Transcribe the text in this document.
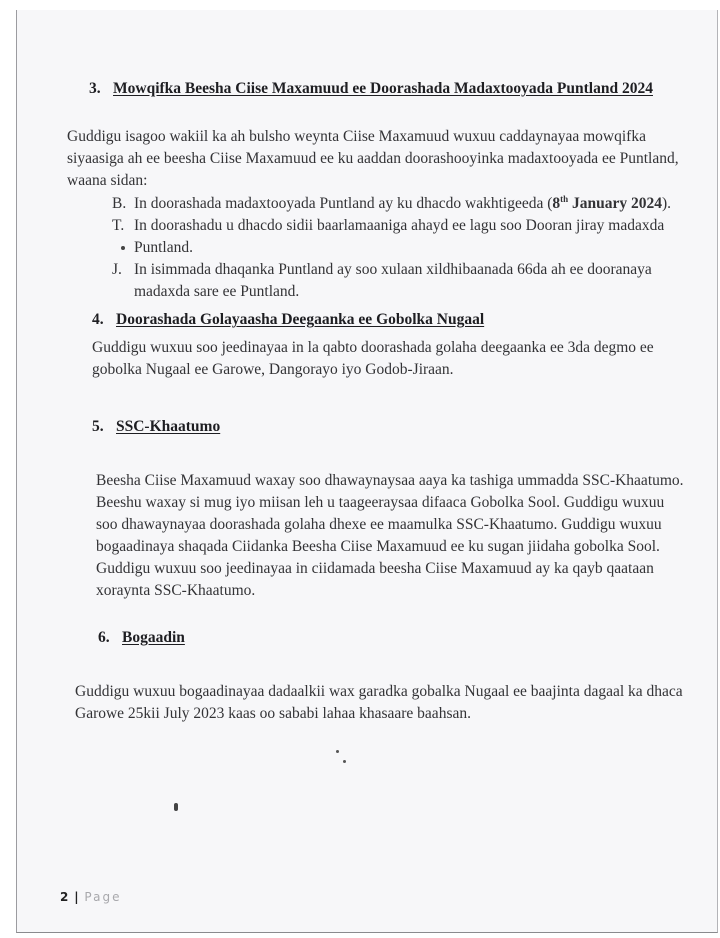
3. Mowqifka Beesha Ciise Maxamuud ee Doorashada Madaxtooyada Puntland 2024
Guddigu isagoo wakiil ka ah bulsho weynta Ciise Maxamuud wuxuu caddaynayaa mowqifka
siyaasiga ah ee beesha Ciise Maxamuud ee ku aaddan doorashooyinka madaxtooyada ee Puntland,
waana sidan:
B. In doorashada madaxtooyada Puntland ay ku dhacdo wakhtigeeda (8th January 2024).
T. In doorashadu u dhacdo sidii baarlamaaniga ahayd ee lagu soo Dooran jiray madaxda
Puntland.
J. In isimmada dhaqanka Puntland ay soo xulaan xildhibaanada 66da ah ee dooranaya
madaxda sare ee Puntland.
4. Doorashada Golayaasha Deegaanka ee Gobolka Nugaal
Guddigu wuxuu soo jeedinayaa in la qabto doorashada golaha deegaanka ee 3da degmo ee
gobolka Nugaal ee Garowe, Dangorayo iyo Godob-Jiraan.
5. SSC-Khaatumo
Beesha Ciise Maxamuud waxay soo dhawaynaysaa aaya ka tashiga ummadda SSC-Khaatumo.
Beeshu waxay si mug iyo miisan leh u taageeraysaa difaaca Gobolka Sool. Guddigu wuxuu
soo dhawaynayaa doorashada golaha dhexe ee maamulka SSC-Khaatumo. Guddigu wuxuu
bogaadinaya shaqada Ciidanka Beesha Ciise Maxamuud ee ku sugan jiidaha gobolka Sool.
Guddigu wuxuu soo jeedinayaa in ciidamada beesha Ciise Maxamuud ay ka qayb qaataan
xoraynta SSC-Khaatumo.
6. Bogaadin
Guddigu wuxuu bogaadinayaa dadaalkii wax garadka gobalka Nugaal ee baajinta dagaal ka dhaca
Garowe 25kii July 2023 kaas oo sababi lahaa khasaare baahsan.
2 | Page
